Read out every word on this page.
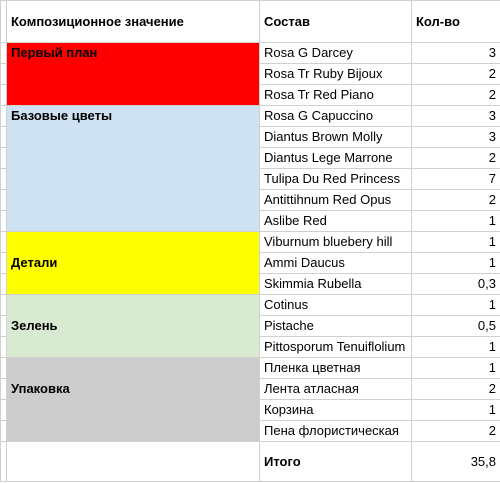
	Композиционное значение	Состав	Кол-во
	Первый план	Rosa G Darcey	3
		Rosa Tr Ruby Bijoux	2
		Rosa Tr Red Piano	2
	Базовые цветы	Rosa G Capuccino	3
		Diantus Brown Molly	3
		Diantus Lege Marrone	2
		Tulipa Du Red Princess	7
		Antittihnum Red Opus	2
		Aslibe Red	1
	Детали	Viburnum bluebery hill	1
		Ammi Daucus	1
		Skimmia Rubella	0,3
	Зелень	Cotinus	1
		Pistache	0,5
		Pittosporum Tenuiflolium	1
	Упаковка	Пленка цветная	1
		Лента атласная	2
		Корзина	1
		Пена флористическая	2
		Итого	35,8
